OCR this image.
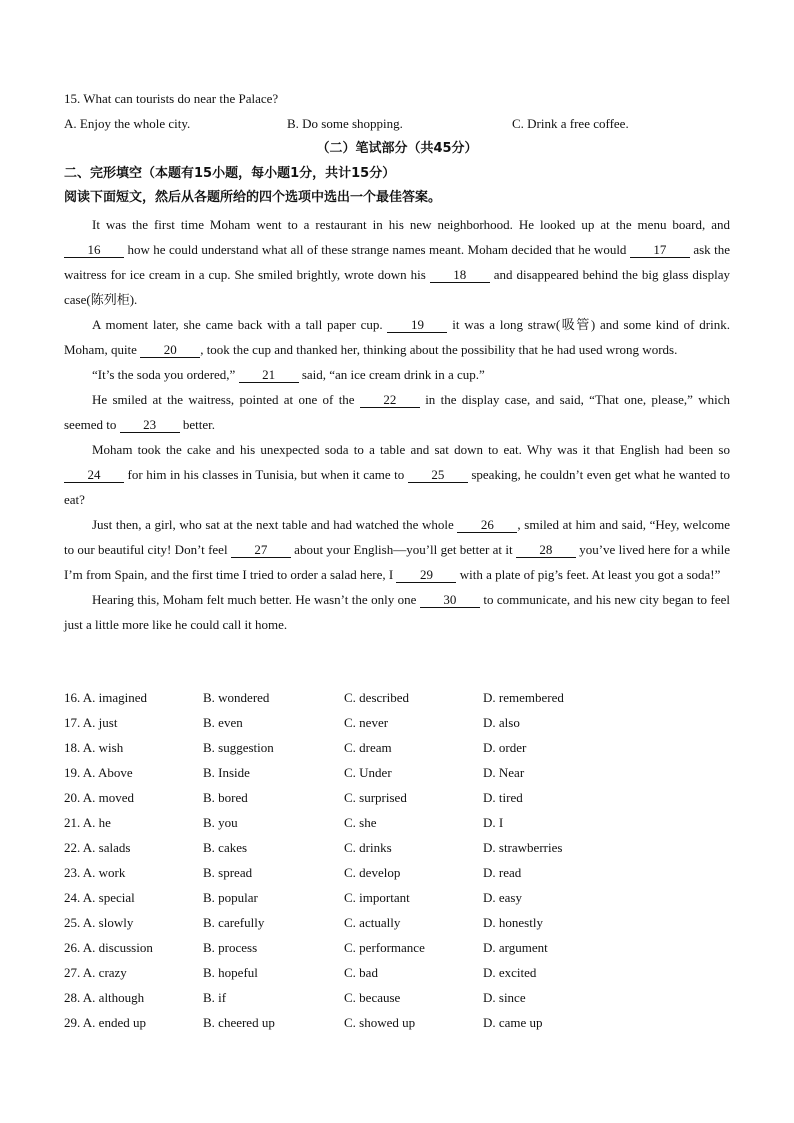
15. What can tourists do near the Palace?
A. Enjoy the whole city.	B. Do some shopping.	C. Drink a free coffee.
（二）笔试部分（共45分）
二、完形填空（本题有15小题，每小题1分，共计15分）
阅读下面短文，然后从各题所给的四个选项中选出一个最佳答案。

It was the first time Moham went to a restaurant in his new neighborhood. He looked up at the menu board, and 16 how he could understand what all of these strange names meant. Moham decided that he would 17 ask the waitress for ice cream in a cup. She smiled brightly, wrote down his 18 and disappeared behind the big glass display case(陈列柜).

A moment later, she came back with a tall paper cup. 19 it was a long straw(吸管) and some kind of drink. Moham, quite 20 , took the cup and thanked her, thinking about the possibility that he had used wrong words.

“It’s the soda you ordered,” 21 said, “an ice cream drink in a cup.”

He smiled at the waitress, pointed at one of the 22 in the display case, and said, “That one, please,” which seemed to 23 better.

Moham took the cake and his unexpected soda to a table and sat down to eat. Why was it that English had been so 24 for him in his classes in Tunisia, but when it came to 25 speaking, he couldn’t even get what he wanted to eat?

Just then, a girl, who sat at the next table and had watched the whole 26 , smiled at him and said, “Hey, welcome to our beautiful city! Don’t feel 27 about your English—you’ll get better at it 28 you’ve lived here for a while I’m from Spain, and the first time I tried to order a salad here, I 29 with a plate of pig’s feet. At least you got a soda!”

Hearing this, Moham felt much better. He wasn’t the only one 30 to communicate, and his new city began to feel just a little more like he could call it home.

16. A. imagined	B. wondered	C. described	D. remembered
17. A. just	B. even	C. never	D. also
18. A. wish	B. suggestion	C. dream	D. order
19. A. Above	B. Inside	C. Under	D. Near
20. A. moved	B. bored	C. surprised	D. tired
21. A. he	B. you	C. she	D. I
22. A. salads	B. cakes	C. drinks	D. strawberries
23. A. work	B. spread	C. develop	D. read
24. A. special	B. popular	C. important	D. easy
25. A. slowly	B. carefully	C. actually	D. honestly
26. A. discussion	B. process	C. performance	D. argument
27. A. crazy	B. hopeful	C. bad	D. excited
28. A. although	B. if	C. because	D. since
29. A. ended up	B. cheered up	C. showed up	D. came up
